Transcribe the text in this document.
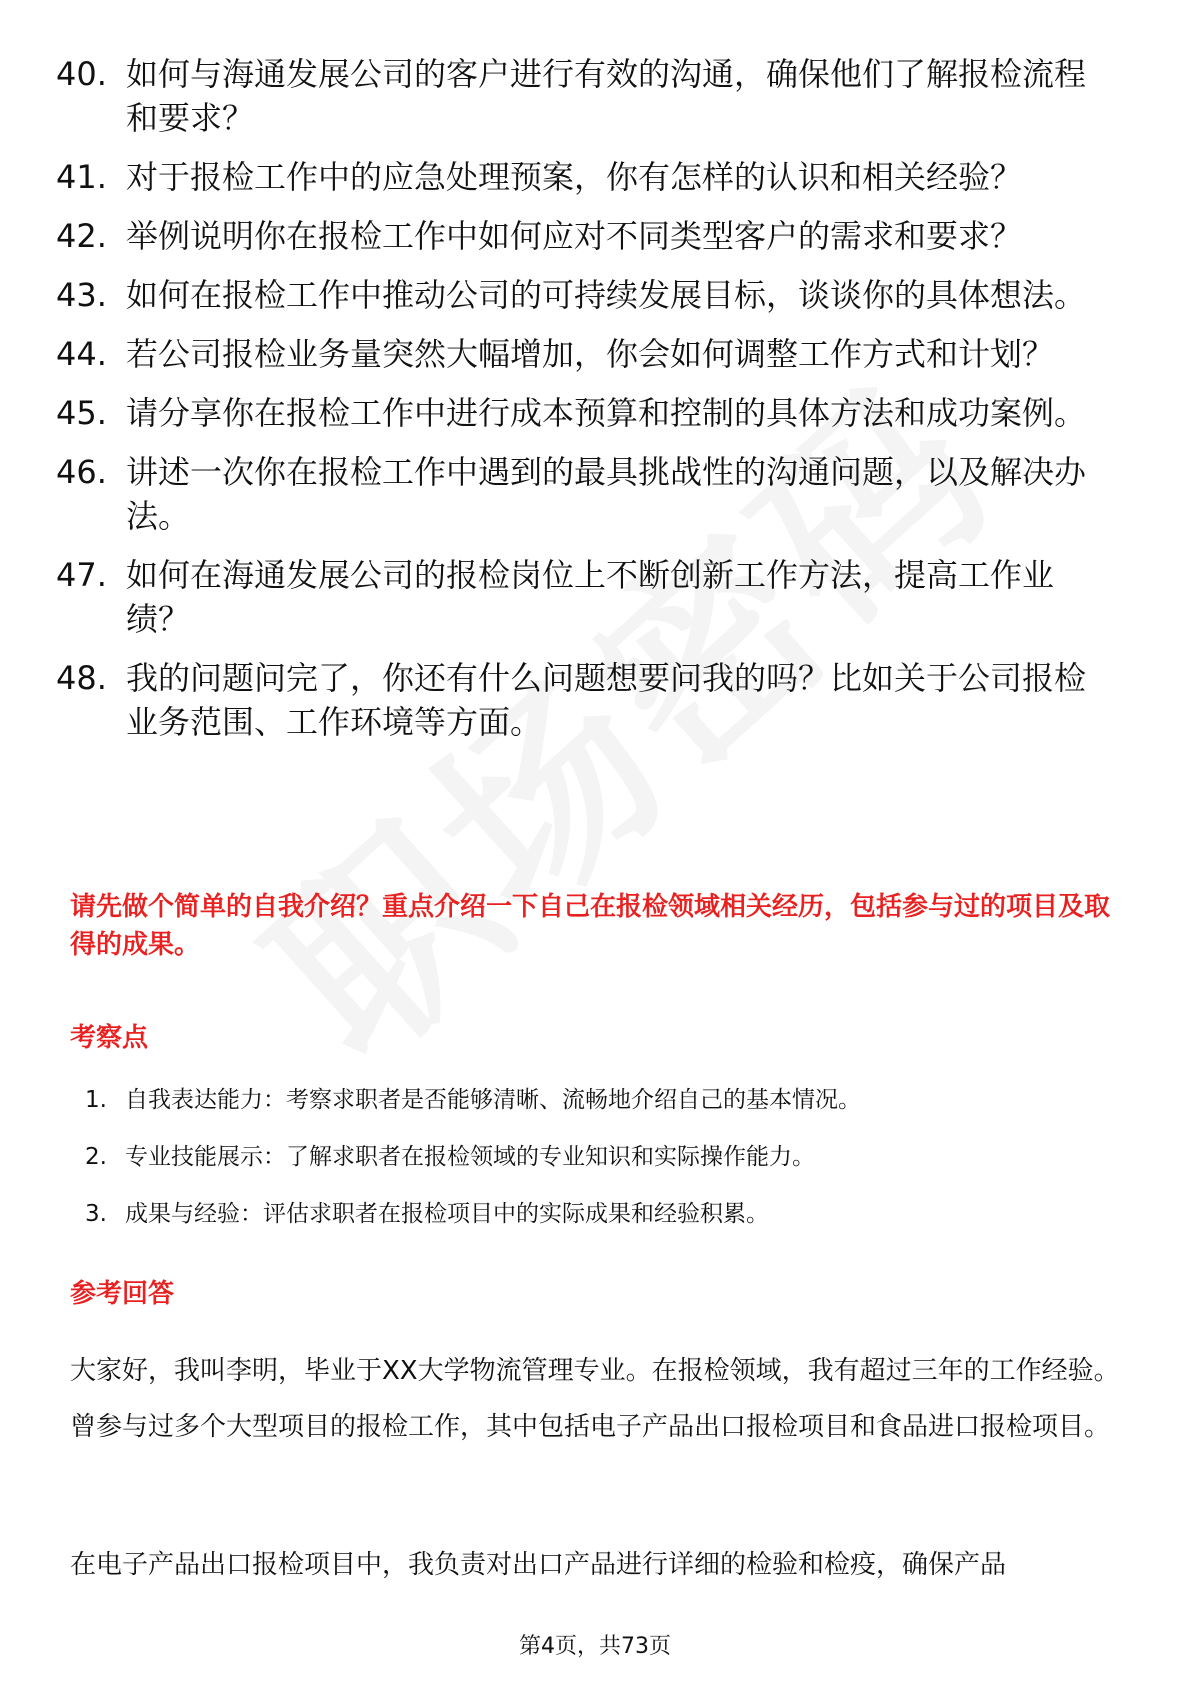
40. 如何与海通发展公司的客户进行有效的沟通，确保他们了解报检流程和要求？
41. 对于报检工作中的应急处理预案，你有怎样的认识和相关经验？
42. 举例说明你在报检工作中如何应对不同类型客户的需求和要求？
43. 如何在报检工作中推动公司的可持续发展目标，谈谈你的具体想法。
44. 若公司报检业务量突然大幅增加，你会如何调整工作方式和计划？
45. 请分享你在报检工作中进行成本预算和控制的具体方法和成功案例。
46. 讲述一次你在报检工作中遇到的最具挑战性的沟通问题，以及解决办法。
47. 如何在海通发展公司的报检岗位上不断创新工作方法，提高工作业绩？
48. 我的问题问完了，你还有什么问题想要问我的吗？比如关于公司报检业务范围、工作环境等方面。
请先做个简单的自我介绍？重点介绍一下自己在报检领域相关经历，包括参与过的项目及取得的成果。
考察点
1. 自我表达能力：考察求职者是否能够清晰、流畅地介绍自己的基本情况。
2. 专业技能展示：了解求职者在报检领域的专业知识和实际操作能力。
3. 成果与经验：评估求职者在报检项目中的实际成果和经验积累。
参考回答

大家好，我叫李明，毕业于XX大学物流管理专业。在报检领域，我有超过三年的工作经验。曾参与过多个大型项目的报检工作，其中包括电子产品出口报检项目和食品进口报检项目。

在电子产品出口报检项目中，我负责对出口产品进行详细的检验和检疫，确保产品

第4页，共73页
